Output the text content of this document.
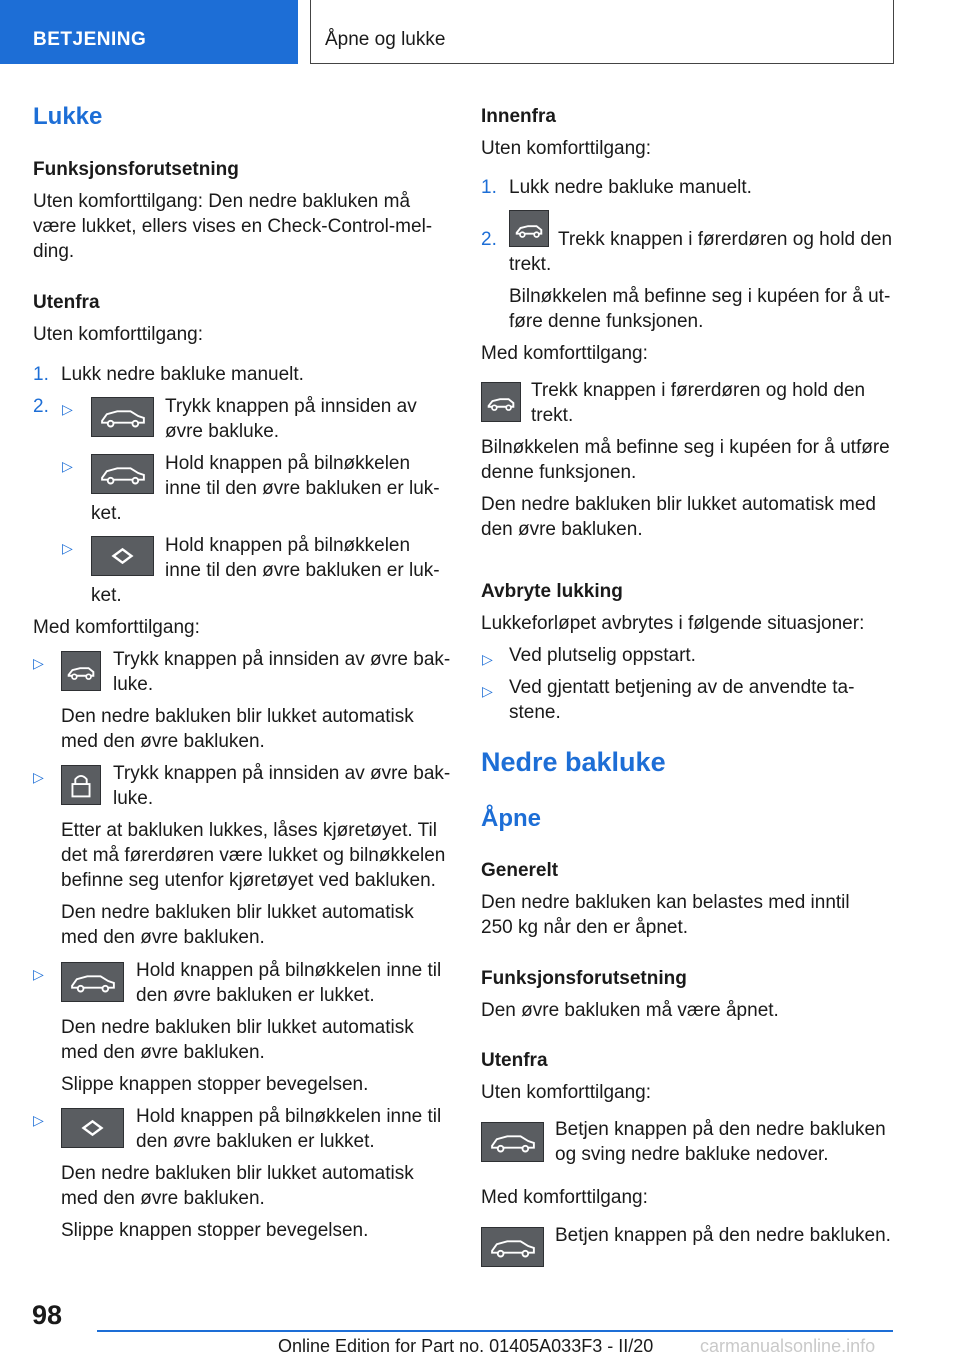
BETJENING	Åpne og lukke
Lukke
Funksjonsforutsetning
Uten komforttilgang: Den nedre bakluken må
være lukket, ellers vises en Check-Control-mel-
ding.
Utenfra
Uten komforttilgang:
1. Lukk nedre bakluke manuelt.
2. ▷	Trykk knappen på innsiden av
øvre bakluke.
▷	Hold knappen på bilnøkkelen
inne til den øvre bakluken er luk-
ket.
▷	Hold knappen på bilnøkkelen
inne til den øvre bakluken er luk-
ket.
Med komforttilgang:
▷	Trykk knappen på innsiden av øvre bak-
luke.
Den nedre bakluken blir lukket automatisk
med den øvre bakluken.
▷	Trykk knappen på innsiden av øvre bak-
luke.
Etter at bakluken lukkes, låses kjøretøyet. Til
det må førerdøren være lukket og bilnøkkelen
befinne seg utenfor kjøretøyet ved bakluken.
Den nedre bakluken blir lukket automatisk
med den øvre bakluken.
▷	Hold knappen på bilnøkkelen inne til
den øvre bakluken er lukket.
Den nedre bakluken blir lukket automatisk
med den øvre bakluken.
Slippe knappen stopper bevegelsen.
▷	Hold knappen på bilnøkkelen inne til
den øvre bakluken er lukket.
Den nedre bakluken blir lukket automatisk
med den øvre bakluken.
Slippe knappen stopper bevegelsen.
Innenfra
Uten komforttilgang:
1. Lukk nedre bakluke manuelt.
2.	Trekk knappen i førerdøren og hold den
trekt.
Bilnøkkelen må befinne seg i kupéen for å ut-
føre denne funksjonen.
Med komforttilgang:
Trekk knappen i førerdøren og hold den
trekt.
Bilnøkkelen må befinne seg i kupéen for å utføre
denne funksjonen.
Den nedre bakluken blir lukket automatisk med
den øvre bakluken.
Avbryte lukking
Lukkeforløpet avbrytes i følgende situasjoner:
▷ Ved plutselig oppstart.
▷ Ved gjentatt betjening av de anvendte ta-
stene.
Nedre bakluke
Åpne
Generelt
Den nedre bakluken kan belastes med inntil
250 kg når den er åpnet.
Funksjonsforutsetning
Den øvre bakluken må være åpnet.
Utenfra
Uten komforttilgang:
Betjen knappen på den nedre bakluken
og sving nedre bakluke nedover.
Med komforttilgang:
Betjen knappen på den nedre bakluken.
98
Online Edition for Part no. 01405A033F3 - II/20	carmanualsonline.info
